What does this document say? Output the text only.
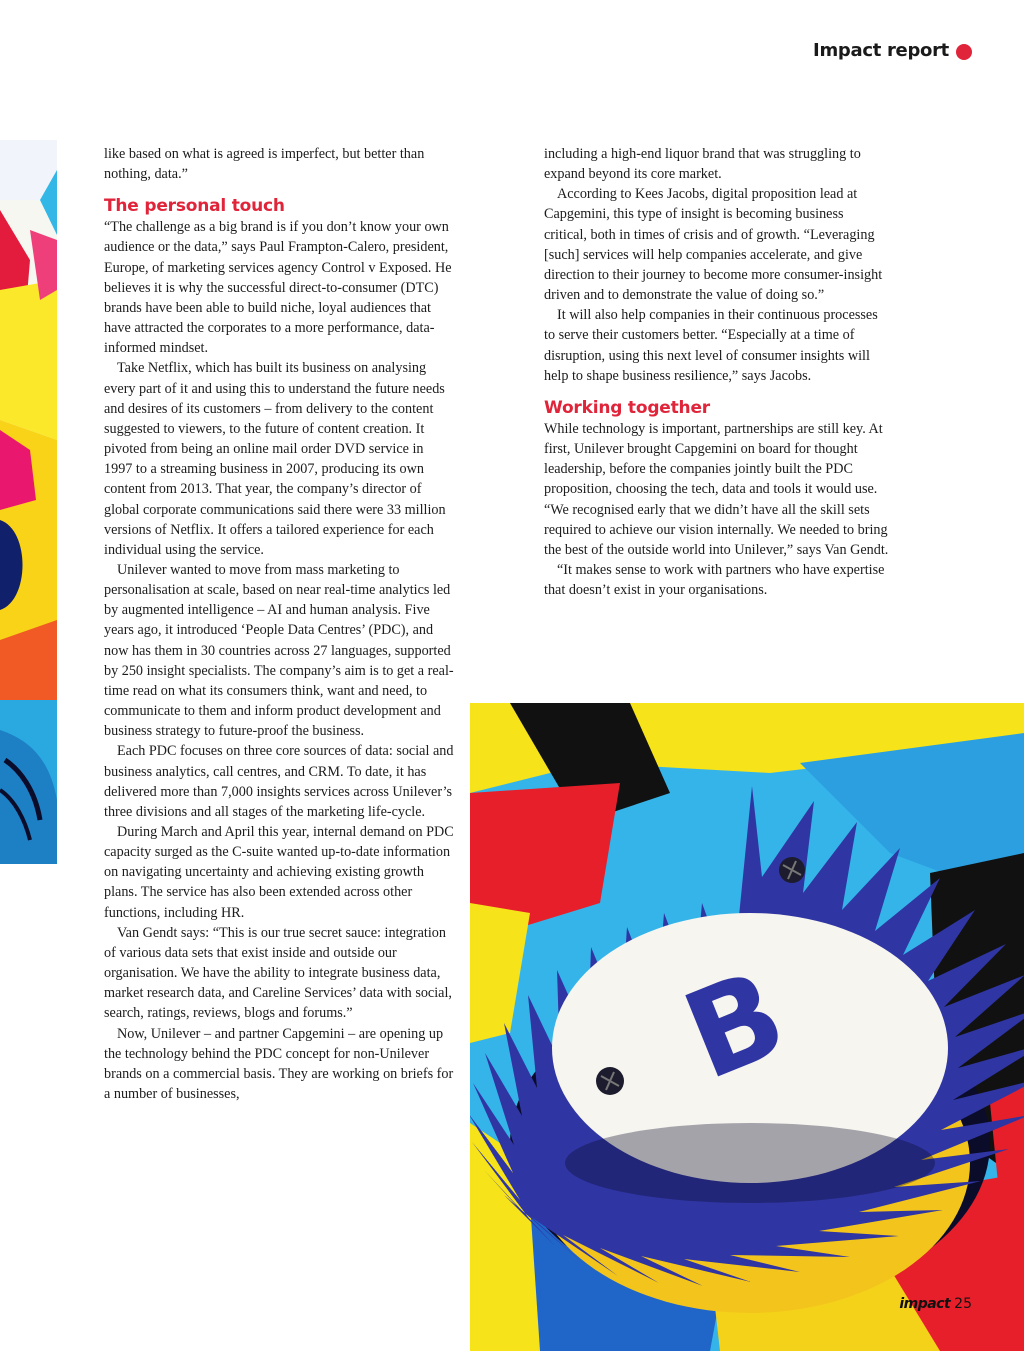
Impact report

like based on what is agreed is imperfect, but better than nothing, data.”

The personal touch

“The challenge as a big brand is if you don’t know your own audience or the data,” says Paul Frampton-Calero, president, Europe, of marketing services agency Control v Exposed. He believes it is why the successful direct-to-consumer (DTC) brands have been able to build niche, loyal audiences that have attracted the corporates to a more performance, data-informed mindset.

Take Netflix, which has built its business on analysing every part of it and using this to understand the future needs and desires of its customers – from delivery to the content suggested to viewers, to the future of content creation. It pivoted from being an online mail order DVD service in 1997 to a streaming business in 2007, producing its own content from 2013. That year, the company’s director of global corporate communications said there were 33 million versions of Netflix. It offers a tailored experience for each individual using the service.

Unilever wanted to move from mass marketing to personalisation at scale, based on near real-time analytics led by augmented intelligence – AI and human analysis. Five years ago, it introduced ‘People Data Centres’ (PDC), and now has them in 30 countries across 27 languages, supported by 250 insight specialists. The company’s aim is to get a real-time read on what its consumers think, want and need, to communicate to them and inform product development and business strategy to future-proof the business.

Each PDC focuses on three core sources of data: social and business analytics, call centres, and CRM. To date, it has delivered more than 7,000 insights services across Unilever’s three divisions and all stages of the marketing life-cycle.

During March and April this year, internal demand on PDC capacity surged as the C-suite wanted up-to-date information on navigating uncertainty and achieving existing growth plans. The service has also been extended across other functions, including HR.

Van Gendt says: “This is our true secret sauce: integration of various data sets that exist inside and outside our organisation. We have the ability to integrate business data, market research data, and Careline Services’ data with social, search, ratings, reviews, blogs and forums.”

Now, Unilever – and partner Capgemini – are opening up the technology behind the PDC concept for non-Unilever brands on a commercial basis. They are working on briefs for a number of businesses,

including a high-end liquor brand that was struggling to expand beyond its core market.

According to Kees Jacobs, digital proposition lead at Capgemini, this type of insight is becoming business critical, both in times of crisis and of growth. “Leveraging [such] services will help companies accelerate, and give direction to their journey to become more consumer-insight driven and to demonstrate the value of doing so.”

It will also help companies in their continuous processes to serve their customers better. “Especially at a time of disruption, using this next level of consumer insights will help to shape business resilience,” says Jacobs.

Working together

While technology is important, partnerships are still key. At first, Unilever brought Capgemini on board for thought leadership, before the companies jointly built the PDC proposition, choosing the tech, data and tools it would use. “We recognised early that we didn’t have all the skill sets required to achieve our vision internally. We needed to bring the best of the outside world into Unilever,” says Van Gendt.

“It makes sense to work with partners who have expertise that doesn’t exist in your organisations.

B
impact 25
